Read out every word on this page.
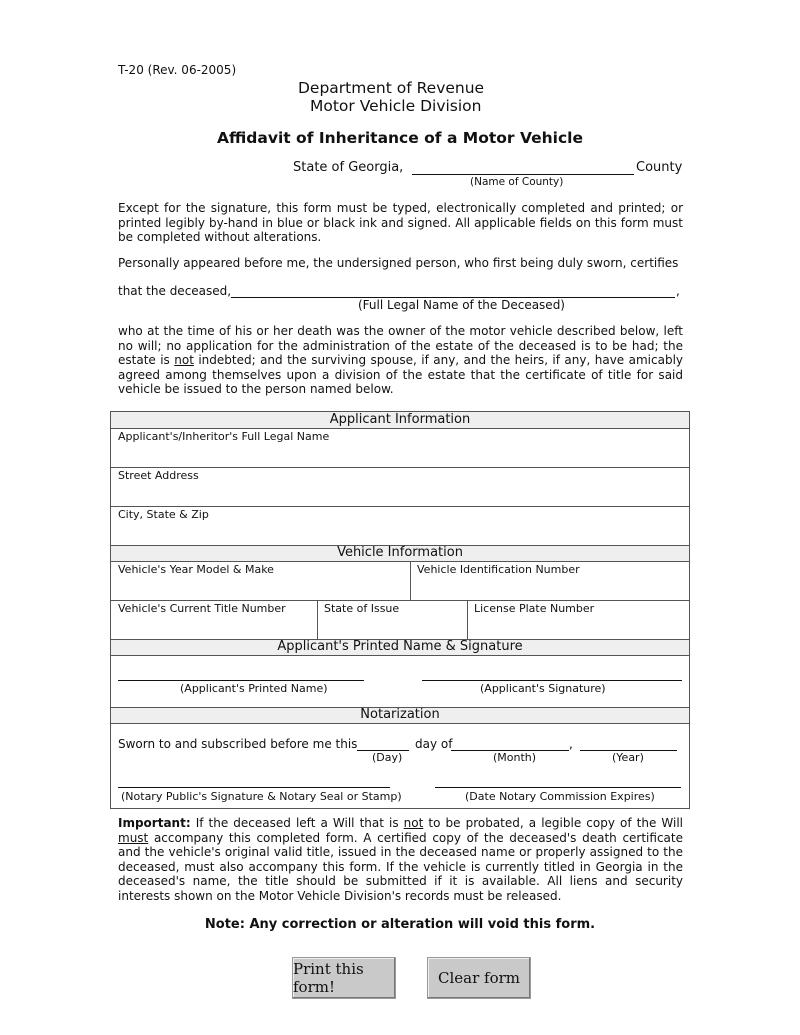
T-20 (Rev. 06-2005)
Department of Revenue
Motor Vehicle Division
Affidavit of Inheritance of a Motor Vehicle
State of Georgia,	County
(Name of County)
Except for the signature, this form must be typed, electronically completed and printed; or printed legibly by-hand in blue or black ink and signed. All applicable fields on this form must be completed without alterations.
Personally appeared before me, the undersigned person, who first being duly sworn, certifies
that the deceased,	,
(Full Legal Name of the Deceased)
who at the time of his or her death was the owner of the motor vehicle described below, left no will; no application for the administration of the estate of the deceased is to be had; the estate is not indebted; and the surviving spouse, if any, and the heirs, if any, have amicably agreed among themselves upon a division of the estate that the certificate of title for said vehicle be issued to the person named below.
Applicant Information
Applicant's/Inheritor's Full Legal Name
Street Address
City, State & Zip
Vehicle Information
Vehicle's Year Model & Make	Vehicle Identification Number
Vehicle's Current Title Number	State of Issue	License Plate Number
Applicant's Printed Name & Signature
(Applicant's Printed Name)	(Applicant's Signature)
Notarization
Sworn to and subscribed before me this	day of	,
(Day)	(Month)	(Year)
(Notary Public's Signature & Notary Seal or Stamp)	(Date Notary Commission Expires)
Important: If the deceased left a Will that is not to be probated, a legible copy of the Will must accompany this completed form. A certified copy of the deceased's death certificate and the vehicle's original valid title, issued in the deceased name or properly assigned to the deceased, must also accompany this form. If the vehicle is currently titled in Georgia in the deceased's name, the title should be submitted if it is available. All liens and security interests shown on the Motor Vehicle Division's records must be released.
Note: Any correction or alteration will void this form.
Print this form!	Clear form
